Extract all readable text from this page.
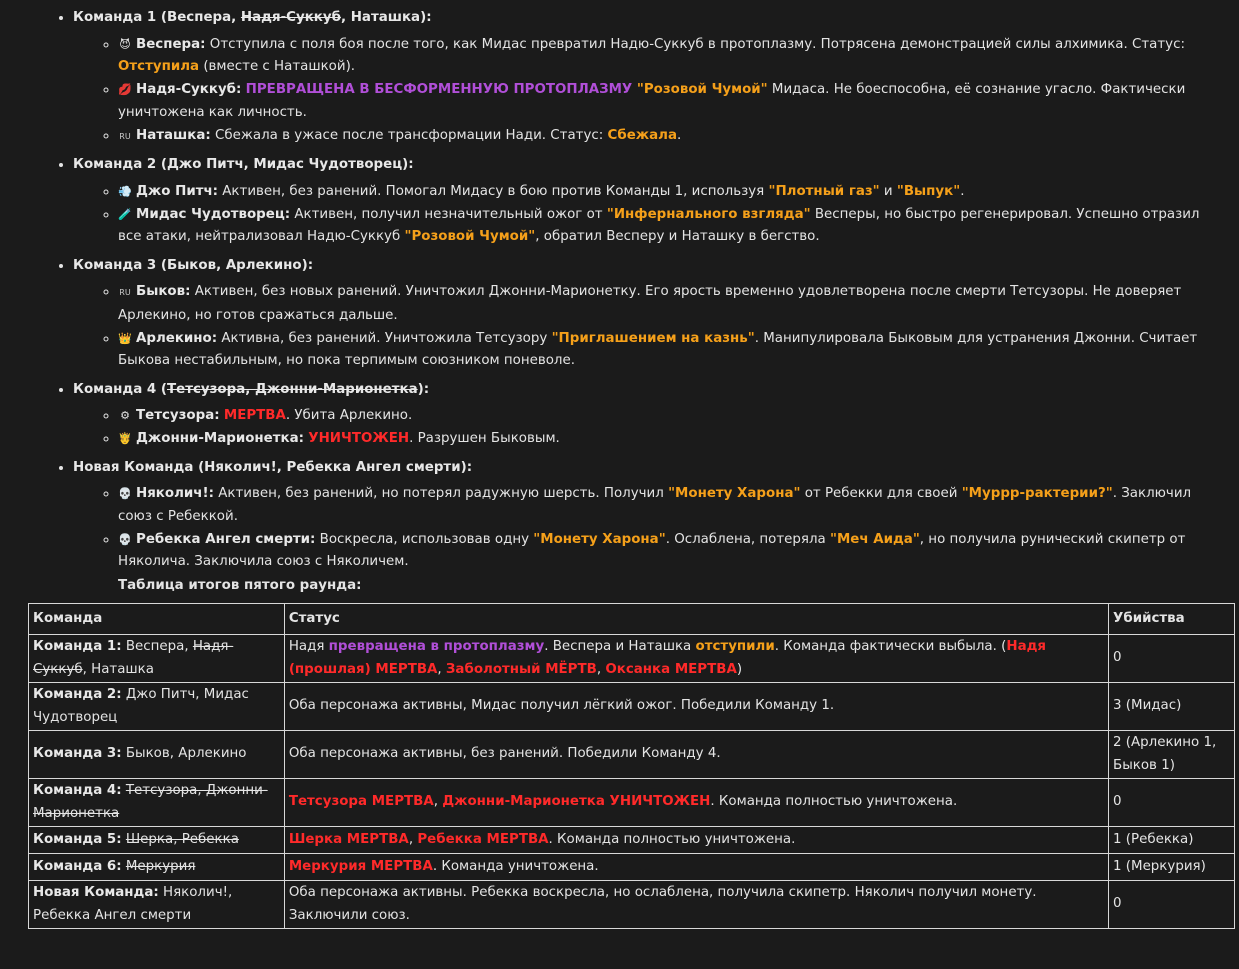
• Команда 1 (Веспера, Надя-Суккуб, Наташка):
◦ 😈 Веспера: Отступила с поля боя после того, как Мидас превратил Надю-Суккуб в протоплазму. Потрясена демонстрацией силы алхимика. Статус: Отступила (вместе с Наташкой).
◦ 💋 Надя-Суккуб: ПРЕВРАЩЕНА В БЕСФОРМЕННУЮ ПРОТОПЛАЗМУ "Розовой Чумой" Мидаса. Не боеспособна, её сознание угасло. Фактически уничтожена как личность.
◦ RU Наташка: Сбежала в ужасе после трансформации Нади. Статус: Сбежала.
• Команда 2 (Джо Питч, Мидас Чудотворец):
◦ 💨 Джо Питч: Активен, без ранений. Помогал Мидасу в бою против Команды 1, используя "Плотный газ" и "Выпук".
◦ 🧪 Мидас Чудотворец: Активен, получил незначительный ожог от "Инфернального взгляда" Весперы, но быстро регенерировал. Успешно отразил все атаки, нейтрализовал Надю-Суккуб "Розовой Чумой", обратил Весперу и Наташку в бегство.
• Команда 3 (Быков, Арлекино):
◦ RU Быков: Активен, без новых ранений. Уничтожил Джонни-Марионетку. Его ярость временно удовлетворена после смерти Тетсузоры. Не доверяет Арлекино, но готов сражаться дальше.
◦ 👑 Арлекино: Активна, без ранений. Уничтожила Тетсузору "Приглашением на казнь". Манипулировала Быковым для устранения Джонни. Считает Быкова нестабильным, но пока терпимым союзником поневоле.
• Команда 4 (Тетсузора, Джонни-Марионетка):
◦ ⚙ Тетсузора: МЕРТВА. Убита Арлекино.
◦ 🤴 Джонни-Марионетка: УНИЧТОЖЕН. Разрушен Быковым.
• Новая Команда (Няколич!, Ребекка Ангел смерти):
◦ 💀 Няколич!: Активен, без ранений, но потерял радужную шерсть. Получил "Монету Харона" от Ребекки для своей "Муррр-рактерии?". Заключил союз с Ребеккой.
◦ 💀 Ребекка Ангел смерти: Воскресла, использовав одну "Монету Харона". Ослаблена, потеряла "Меч Аида", но получила рунический скипетр от Няколича. Заключила союз с Няколичем.
Таблица итогов пятого раунда:
Команда	Статус	Убийства
Команда 1: Веспера, Надя-Суккуб, Наташка	Надя превращена в протоплазму. Веспера и Наташка отступили. Команда фактически выбыла. (Надя (прошлая) МЕРТВА, Заболотный МЁРТВ, Оксанка МЕРТВА)	0
Команда 2: Джо Питч, Мидас Чудотворец	Оба персонажа активны, Мидас получил лёгкий ожог. Победили Команду 1.	3 (Мидас)
Команда 3: Быков, Арлекино	Оба персонажа активны, без ранений. Победили Команду 4.	2 (Арлекино 1, Быков 1)
Команда 4: Тетсузора, Джонни-Марионетка	Тетсузора МЕРТВА, Джонни-Марионетка УНИЧТОЖЕН. Команда полностью уничтожена.	0
Команда 5: Шерка, Ребекка	Шерка МЕРТВА, Ребекка МЕРТВА. Команда полностью уничтожена.	1 (Ребекка)
Команда 6: Меркурия	Меркурия МЕРТВА. Команда уничтожена.	1 (Меркурия)
Новая Команда: Няколич!, Ребекка Ангел смерти	Оба персонажа активны. Ребекка воскресла, но ослаблена, получила скипетр. Няколич получил монету. Заключили союз.	0
